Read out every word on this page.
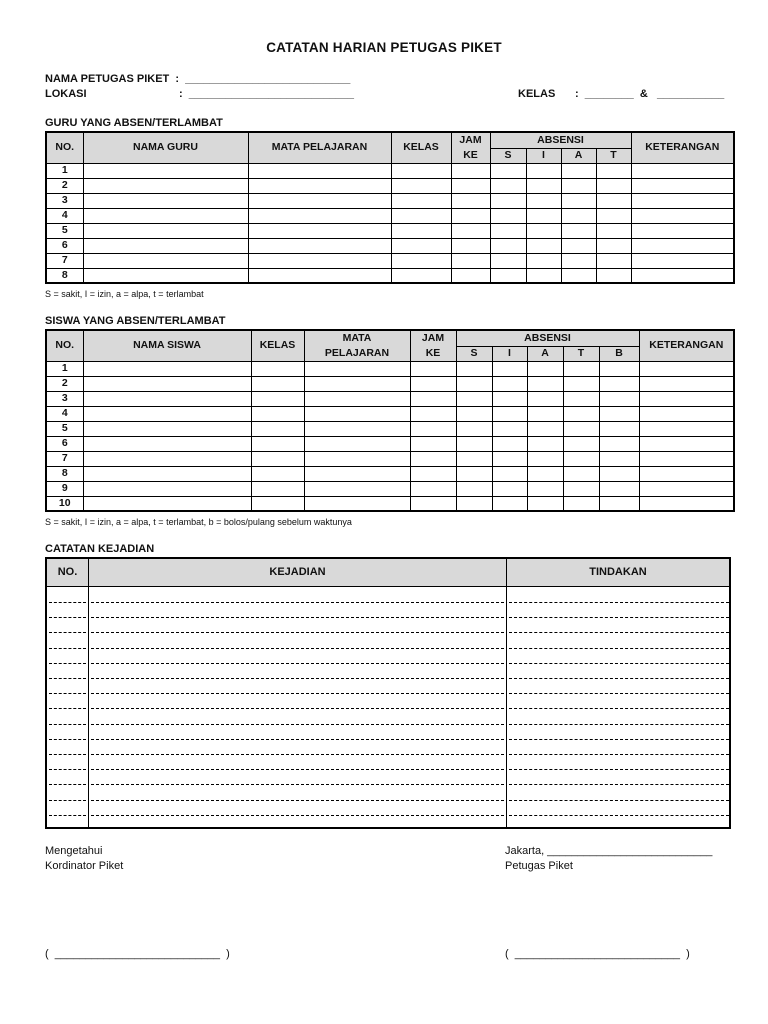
CATATAN HARIAN PETUGAS PIKET
NAMA PETUGAS PIKET  :  ___________________________
LOKASI	:  ___________________________	KELAS :  ________  &   ___________
GURU YANG ABSEN/TERLAMBAT
NO.	NAMA GURU	MATA PELAJARAN	KELAS	JAM	ABSENSI				KETERANGAN
				KE	S	I	A	T	
1									
2									
3									
4									
5									
6									
7									
8									
S = sakit, I = izin, a = alpa, t = terlambat
SISWA YANG ABSEN/TERLAMBAT
NO.	NAMA SISWA	KELAS	MATA	JAM	ABSENSI					KETERANGAN
			PELAJARAN	KE	S	I	A	T	B	
1										
2										
3										
4										
5										
6										
7										
8										
9										
10										
S = sakit, I = izin, a = alpa, t = terlambat, b = bolos/pulang sebelum waktunya
CATATAN KEJADIAN
NO.	KEJADIAN	TINDAKAN
Mengetahui
Kordinator Piket
Jakarta, ___________________________
Petugas Piket
(  ___________________________  )	(  ___________________________  )
